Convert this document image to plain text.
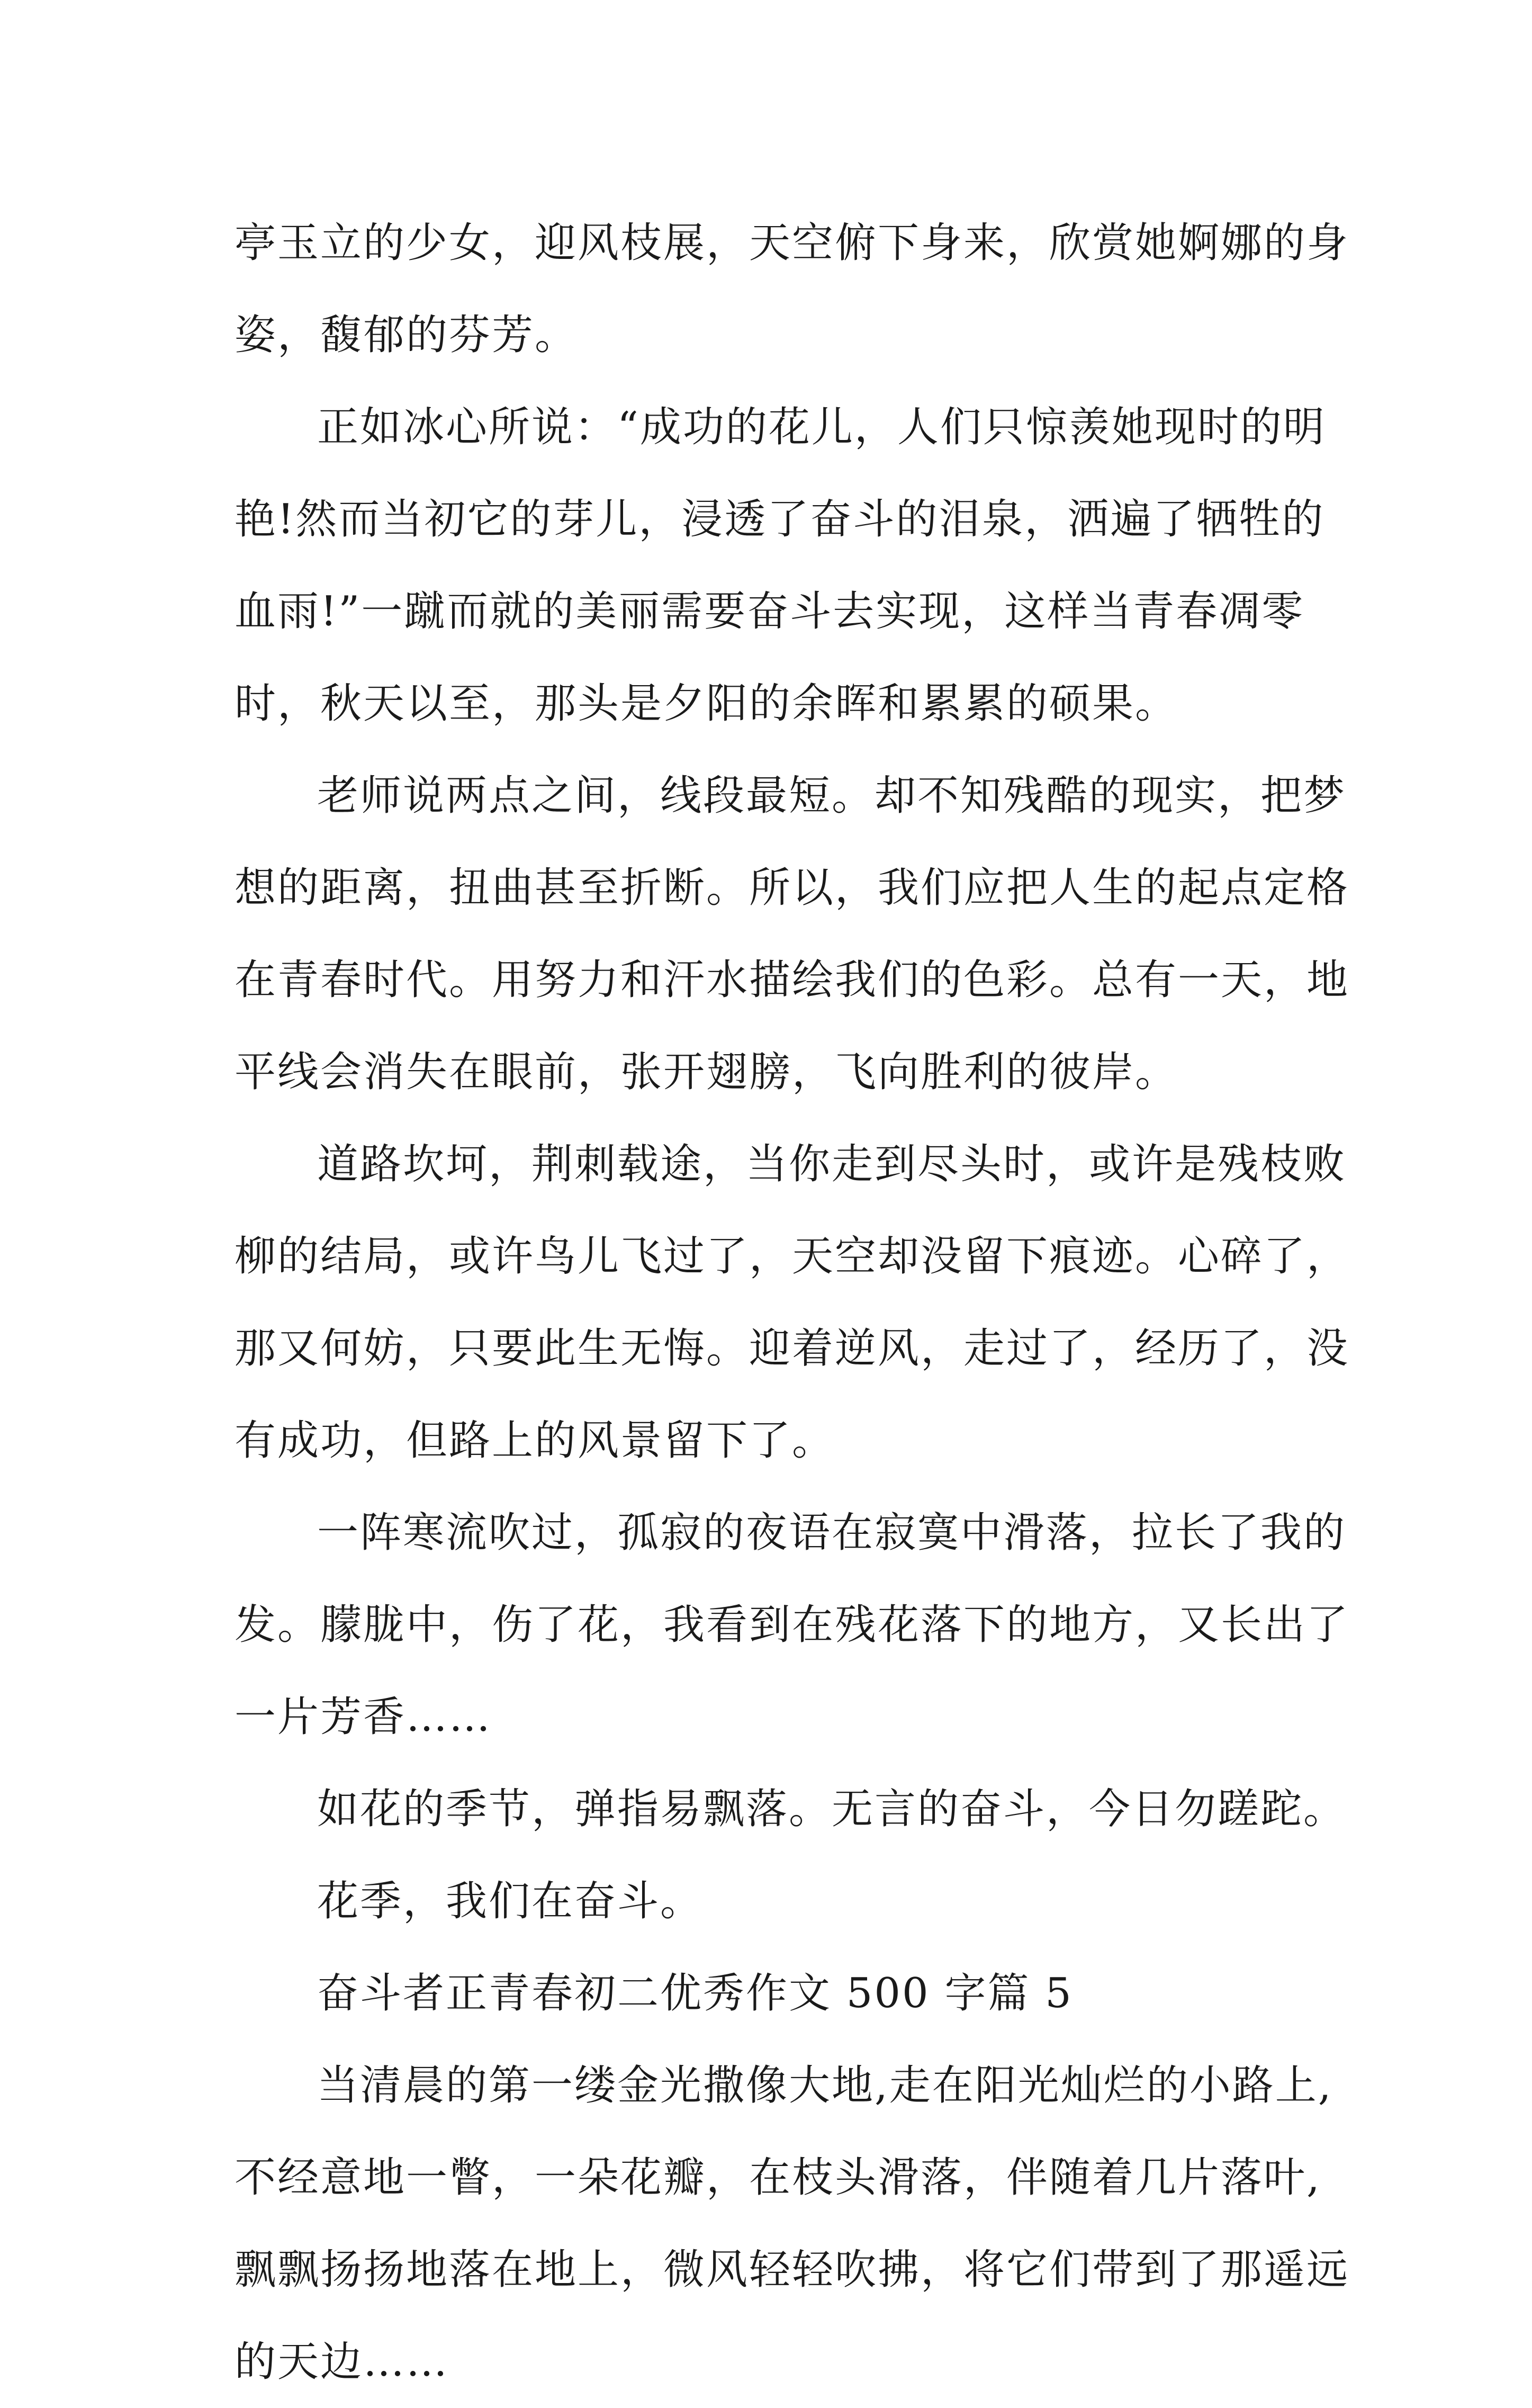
亭玉立的少女，迎风枝展，天空俯下身来，欣赏她婀娜的身
姿，馥郁的芬芳。
正如冰心所说：“成功的花儿，人们只惊羡她现时的明
艳!然而当初它的芽儿，浸透了奋斗的泪泉，洒遍了牺牲的
血雨!”一蹴而就的美丽需要奋斗去实现，这样当青春凋零
时，秋天以至，那头是夕阳的余晖和累累的硕果。
老师说两点之间，线段最短。却不知残酷的现实，把梦
想的距离，扭曲甚至折断。所以，我们应把人生的起点定格
在青春时代。用努力和汗水描绘我们的色彩。总有一天，地
平线会消失在眼前，张开翅膀，飞向胜利的彼岸。
道路坎坷，荆刺载途，当你走到尽头时，或许是残枝败
柳的结局，或许鸟儿飞过了，天空却没留下痕迹。心碎了，
那又何妨，只要此生无悔。迎着逆风，走过了，经历了，没
有成功，但路上的风景留下了。
一阵寒流吹过，孤寂的夜语在寂寞中滑落，拉长了我的
发。朦胧中，伤了花，我看到在残花落下的地方，又长出了
一片芳香……
如花的季节，弹指易飘落。无言的奋斗，今日勿蹉跎。
花季，我们在奋斗。
奋斗者正青春初二优秀作文 500 字篇 5
当清晨的第一缕金光撒像大地,走在阳光灿烂的小路上,
不经意地一瞥，一朵花瓣，在枝头滑落，伴随着几片落叶,
飘飘扬扬地落在地上，微风轻轻吹拂，将它们带到了那遥远
的天边……
